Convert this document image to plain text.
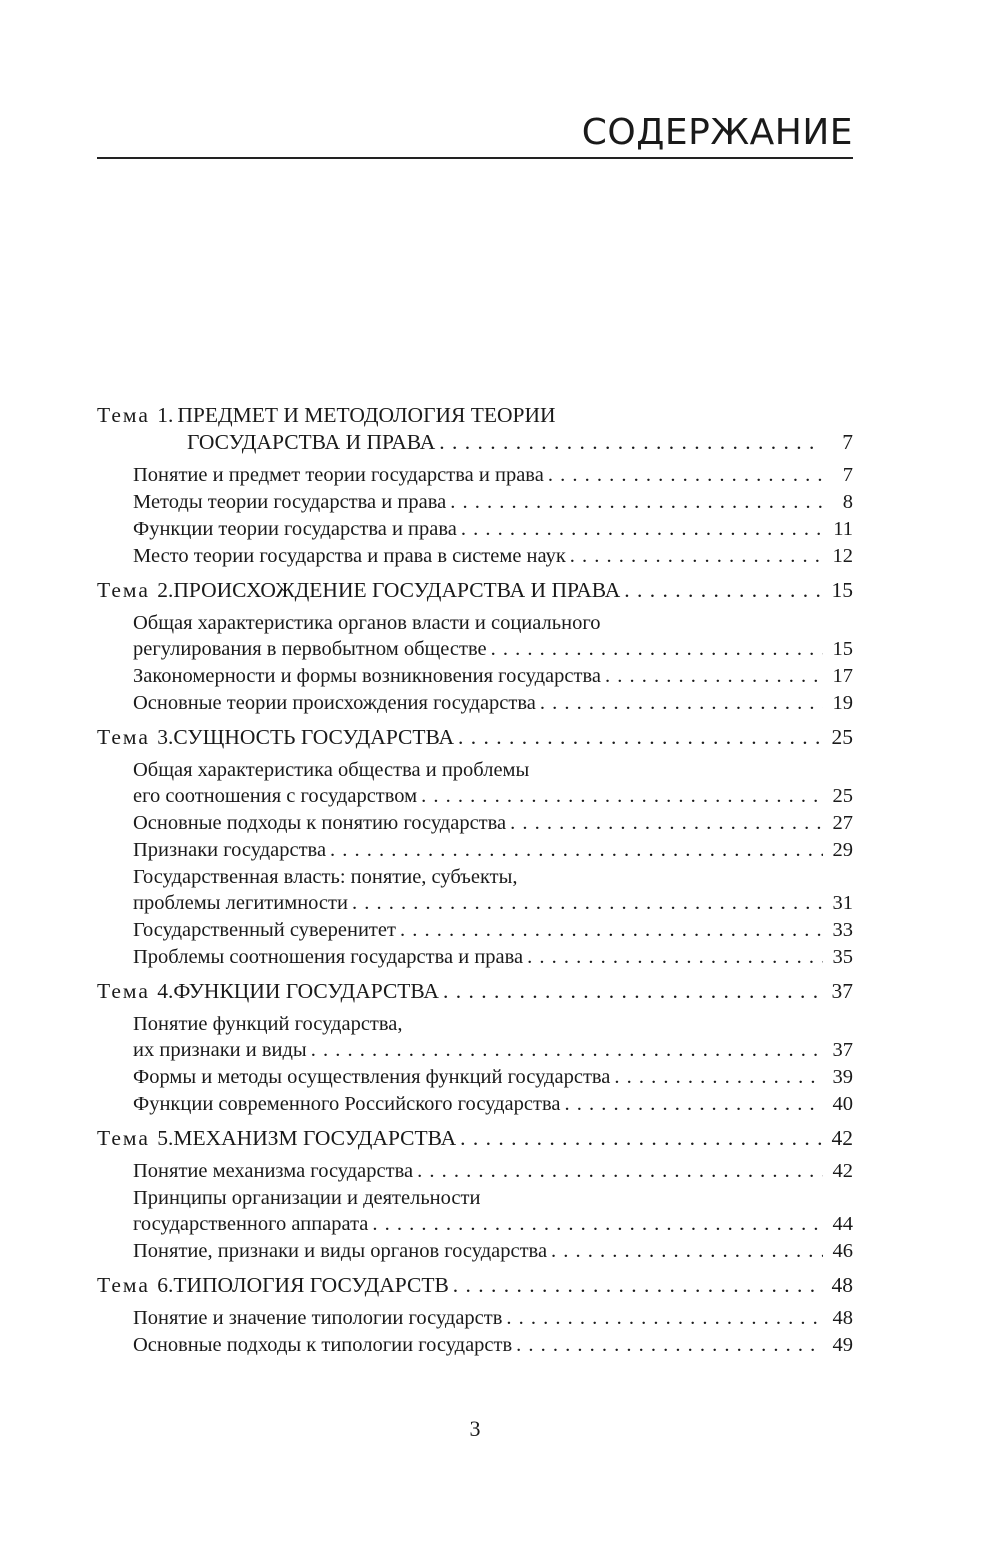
СОДЕРЖАНИЕ
Тема 1. ПРЕДМЕТ И МЕТОДОЛОГИЯ ТЕОРИИ
ГОСУДАРСТВА И ПРАВА . . .	7
Понятие и предмет теории государства и права . . .	7
Методы теории государства и права . . .	8
Функции теории государства и права . . .	11
Место теории государства и права в системе наук . . .	12
Тема 2.ПРОИСХОЖДЕНИЕ ГОСУДАРСТВА И ПРАВА . . .	15
Общая характеристика органов власти и социального
регулирования в первобытном обществе . . .	15
Закономерности и формы возникновения государства . . .	17
Основные теории происхождения государства . . .	19
Тема 3.СУЩНОСТЬ ГОСУДАРСТВА . . .	25
Общая характеристика общества и проблемы
его соотношения с государством . . .	25
Основные подходы к понятию государства . . .	27
Признаки государства . . .	29
Государственная власть: понятие, субъекты,
проблемы легитимности . . .	31
Государственный суверенитет . . .	33
Проблемы соотношения государства и права . . .	35
Тема 4.ФУНКЦИИ ГОСУДАРСТВА . . .	37
Понятие функций государства,
их признаки и виды . . .	37
Формы и методы осуществления функций государства . . .	39
Функции современного Российского государства . . .	40
Тема 5.МЕХАНИЗМ ГОСУДАРСТВА . . .	42
Понятие механизма государства . . .	42
Принципы организации и деятельности
государственного аппарата . . .	44
Понятие, признаки и виды органов государства . . .	46
Тема 6.ТИПОЛОГИЯ ГОСУДАРСТВ . . .	48
Понятие и значение типологии государств . . .	48
Основные подходы к типологии государств . . .	49
3
